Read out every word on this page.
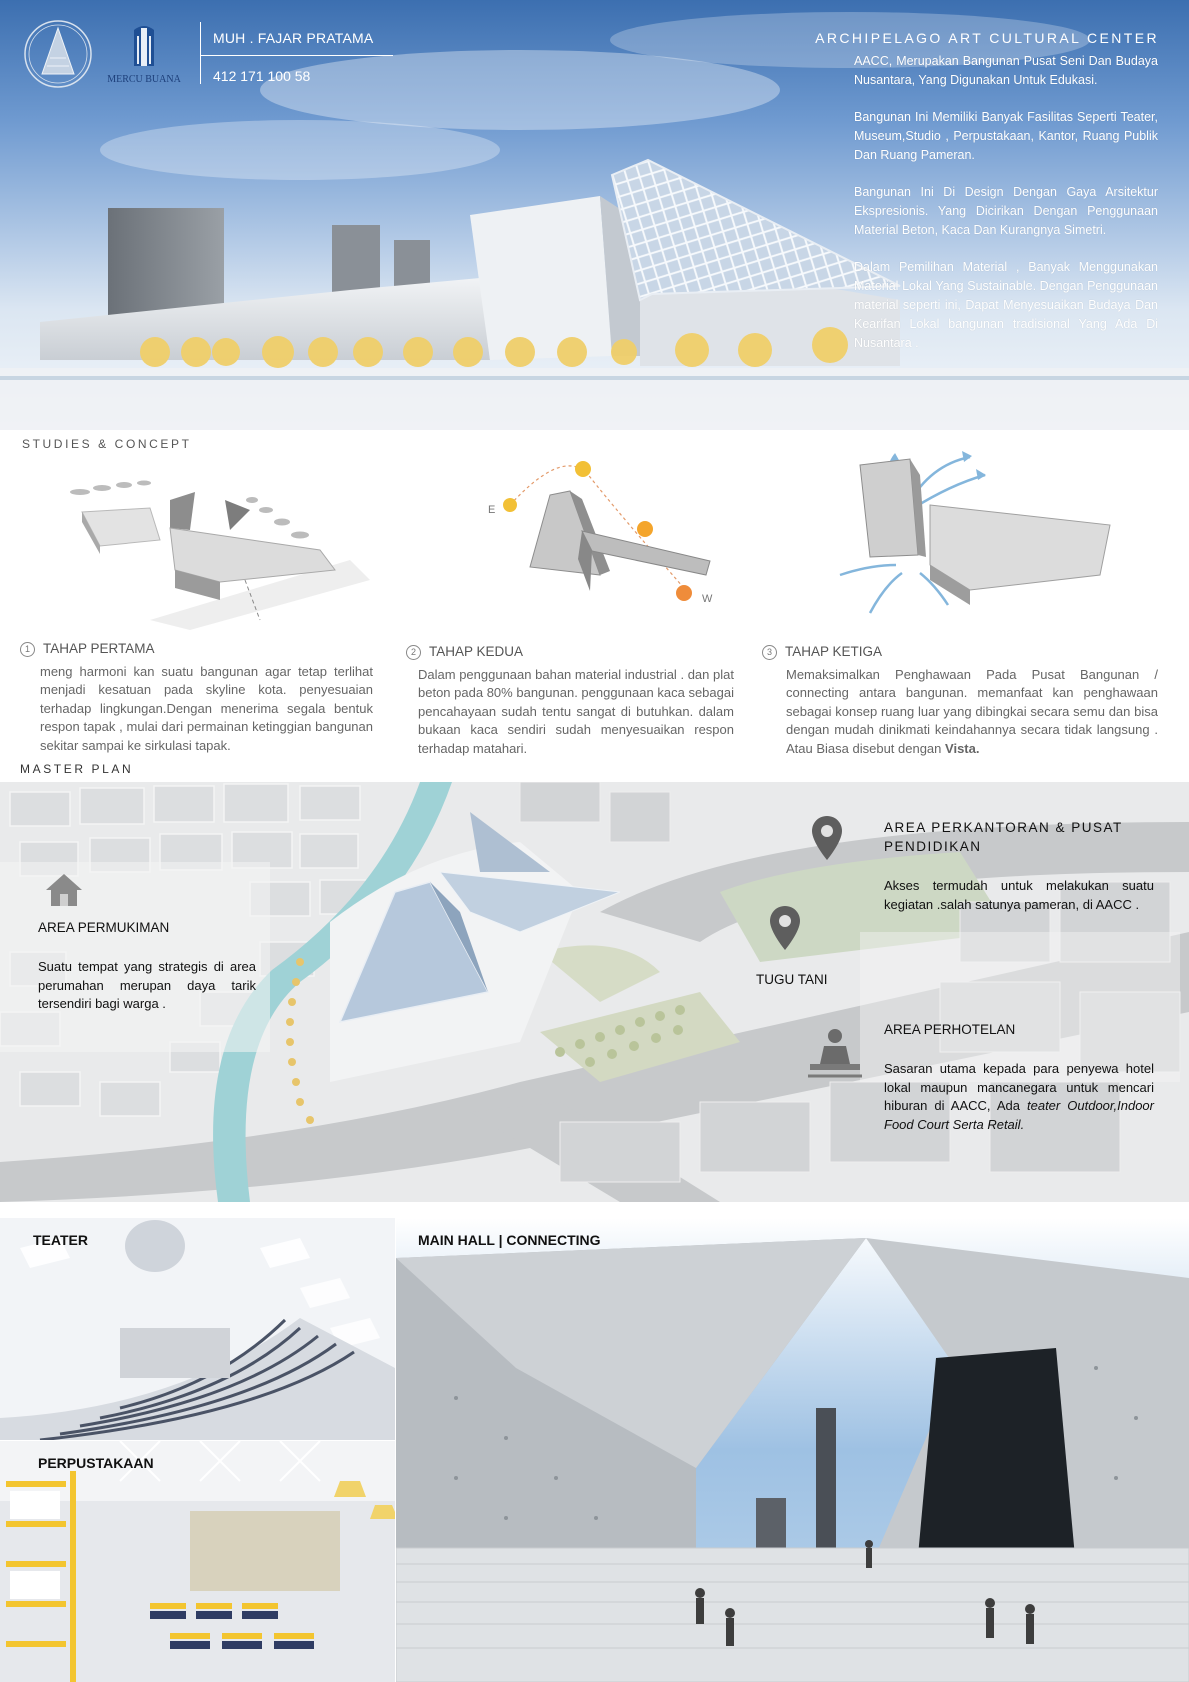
MERCU BUANA
MUH . FAJAR PRATAMA
412 171 100 58
ARCHIPELAGO ART CULTURAL CENTER

AACC, Merupakan Bangunan Pusat Seni Dan Budaya Nusantara, Yang Digunakan Untuk Edukasi.

Bangunan Ini Memiliki Banyak Fasilitas Seperti Teater, Museum,Studio , Perpustakaan, Kantor, Ruang Publik Dan Ruang Pameran.

Bangunan Ini Di Design Dengan Gaya Arsitektur Ekspresionis. Yang Dicirikan Dengan Penggunaan Material Beton, Kaca Dan Kurangnya Simetri.

Dalam Pemilihan Material , Banyak Menggunakan Material Lokal Yang Sustainable. Dengan Penggunaan material seperti ini, Dapat Menyesuaikan Budaya Dan Kearifan Lokal bangunan tradisional Yang Ada Di Nusantara .

STUDIES & CONCEPT
E
W
1 TAHAP PERTAMA
meng harmoni kan suatu bangunan agar tetap terlihat menjadi kesatuan pada skyline kota. penyesuaian terhadap lingkungan.Dengan menerima segala bentuk respon tapak , mulai dari permainan ketinggian bangunan sekitar sampai ke sirkulasi tapak.
2 TAHAP KEDUA
Dalam penggunaan bahan material industrial . dan plat beton pada 80% bangunan. penggunaan kaca sebagai pencahayaan sudah tentu sangat di butuhkan. dalam bukaan kaca sendiri sudah menyesuaikan respon terhadap matahari.
3 TAHAP KETIGA
Memaksimalkan Penghawaan Pada Pusat Bangunan / connecting antara bangunan. memanfaat kan penghawaan sebagai konsep ruang luar yang dibingkai secara semu dan bisa dengan mudah dinikmati keindahannya secara tidak langsung . Atau Biasa disebut dengan Vista.
MASTER PLAN
AREA PERMUKIMAN
Suatu tempat yang strategis di area perumahan merupan daya tarik tersendiri bagi warga .
AREA PERKANTORAN & PUSAT PENDIDIKAN
Akses termudah untuk melakukan suatu kegiatan .salah satunya pameran, di AACC .
TUGU TANI
AREA PERHOTELAN
Sasaran utama kepada para penyewa hotel lokal maupun mancanegara untuk mencari hiburan di AACC, Ada teater Outdoor,Indoor Food Court Serta Retail.
TEATER
PERPUSTAKAAN
MAIN HALL | CONNECTING
